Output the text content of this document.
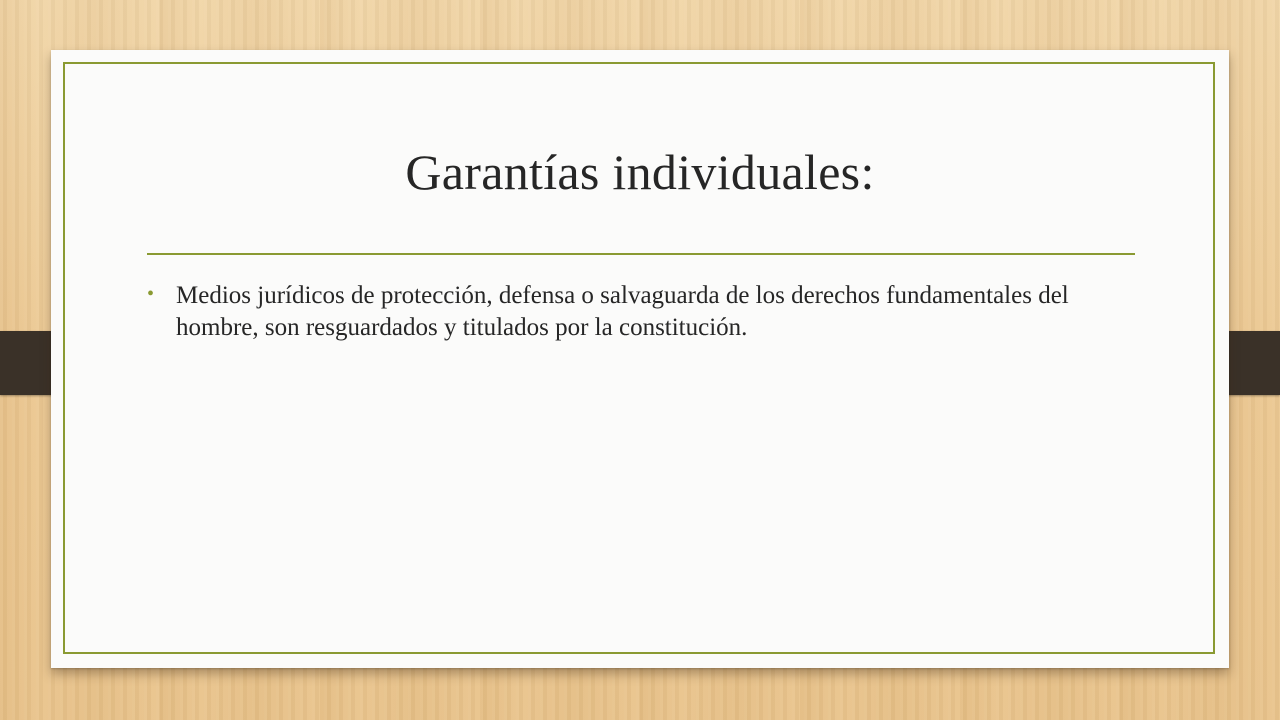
Garantías individuales:
• Medios jurídicos de protección, defensa o salvaguarda de los derechos fundamentales del hombre, son resguardados y titulados por la constitución.
